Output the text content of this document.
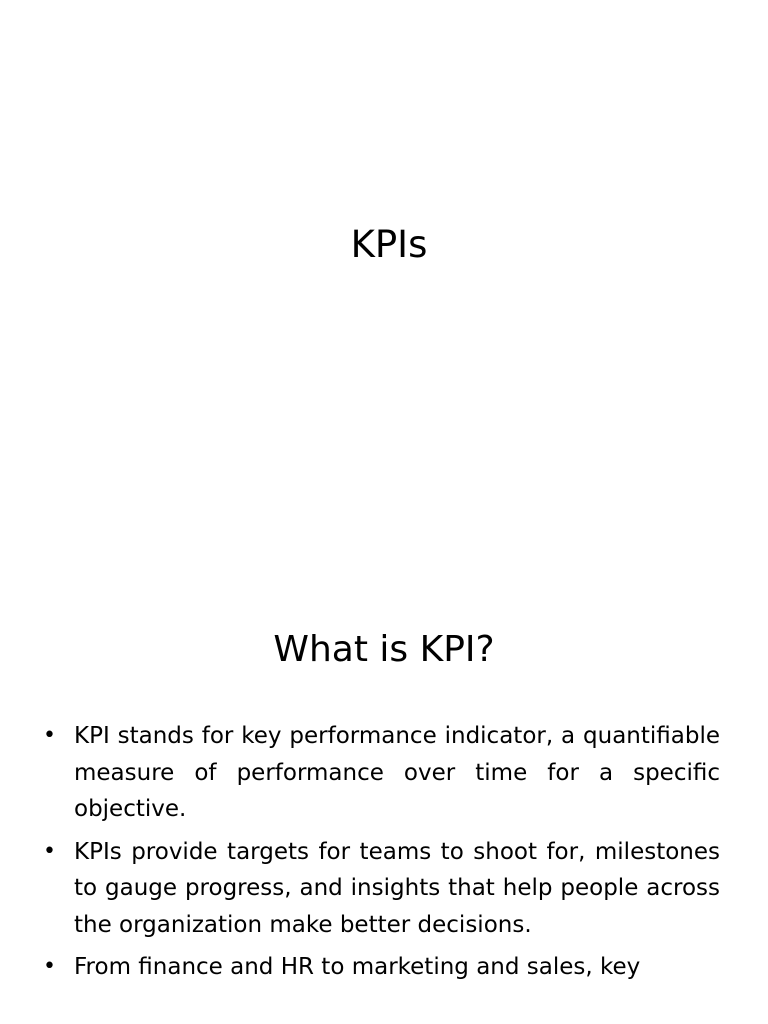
KPIs
What is KPI?
• KPI stands for key performance indicator, a quantifiable measure of performance over time for a specific objective.
• KPIs provide targets for teams to shoot for, milestones to gauge progress, and insights that help people across the organization make better decisions.
• From finance and HR to marketing and sales, key
